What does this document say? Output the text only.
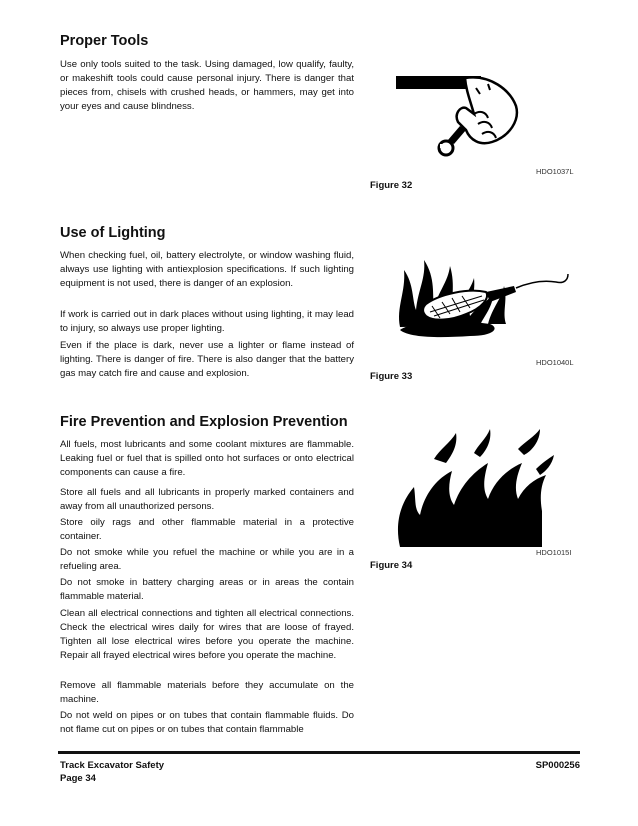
Proper Tools

Use only tools suited to the task. Using damaged, low qualify, faulty, or makeshift tools could cause personal injury. There is danger that pieces from, chisels with crushed heads, or hammers, may get into your eyes and cause blindness.

Use of Lighting

When checking fuel, oil, battery electrolyte, or window washing fluid, always use lighting with antiexplosion specifications. If such lighting equipment is not used, there is danger of an explosion.

If work is carried out in dark places without using lighting, it may lead to injury, so always use proper lighting.

Even if the place is dark, never use a lighter or flame instead of lighting. There is danger of fire. There is also danger that the battery gas may catch fire and cause and explosion.

Fire Prevention and Explosion Prevention

All fuels, most lubricants and some coolant mixtures are flammable. Leaking fuel or fuel that is spilled onto hot surfaces or onto electrical components can cause a fire.

Store all fuels and all lubricants in properly marked containers and away from all unauthorized persons.

Store oily rags and other flammable material in a protective container.

Do not smoke while you refuel the machine or while you are in a refueling area.

Do not smoke in battery charging areas or in areas the contain flammable material.

Clean all electrical connections and tighten all electrical connections. Check the electrical wires daily for wires that are loose of frayed. Tighten all lose electrical wires before you operate the machine. Repair all frayed electrical wires before you operate the machine.

Remove all flammable materials before they accumulate on the machine.

Do not weld on pipes or on tubes that contain flammable fluids. Do not flame cut on pipes or on tubes that contain flammable

HDO1037L
Figure 32
HDO1040L
Figure 33
HDO1015I
Figure 34
Track Excavator Safety
Page 34
SP000256
